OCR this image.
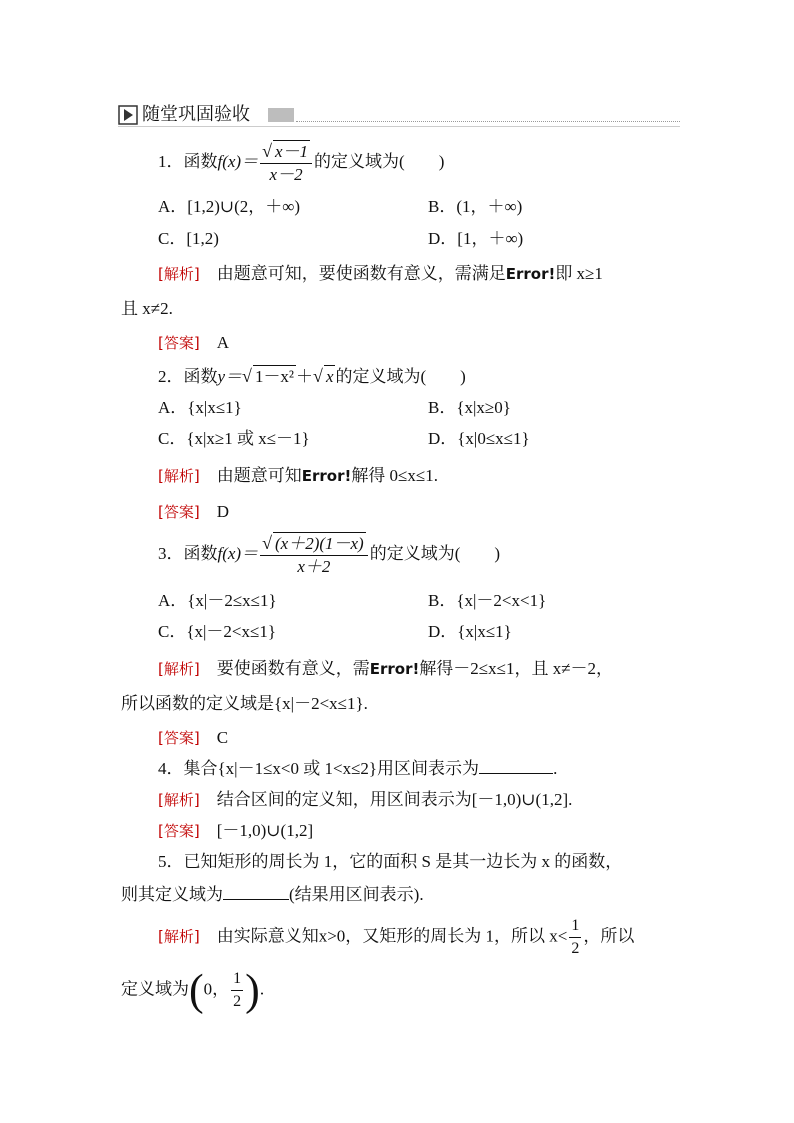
随堂巩固验收
1．函数$f(x)= \frac{√ x-1}{x-2}$ 的定义域为(　　)
A．[1,2)∪(2，＋∞)	B．(1，＋∞)
C．[1,2)	D．[1，＋∞)
[解析]　由题意可知，要使函数有意义，需满足Error!即 x≥1
且 x≠2.
[答案]　A
2．函数y＝√ 1－x² ＋√ x 的定义域为(　　)
A．{x|x≤1}	B．{x|x≥0}
C．{x|x≥1 或 x≤－1}	D．{x|0≤x≤1}
[解析]　由题意可知Error!解得 0≤x≤1.
[答案]　D
3．函数$f(x)= \frac{√ (x+2)(1-x)}{x+2}$ 的定义域为(　　)
A．{x|－2≤x≤1}	B．{x|－2<x<1}
C．{x|－2<x≤1}	D．{x|x≤1}
[解析]　要使函数有意义，需Error!解得－2≤x≤1，且 x≠－2，
所以函数的定义域是{x|－2<x≤1}.
[答案]　C
4．集合{x|－1≤x<0 或 1<x≤2}用区间表示为	.
[解析]　结合区间的定义知，用区间表示为[－1,0)∪(1,2].
[答案]　[－1,0)∪(1,2]
5．已知矩形的周长为 1，它的面积 S 是其一边长为 x 的函数，
则其定义域为	(结果用区间表示).
[解析]　由实际意义知x>0，又矩形的周长为 1，所以 $x< \frac{1}{2}$ ，所以
定义域为(0， $\frac{1}{2}$ ).
